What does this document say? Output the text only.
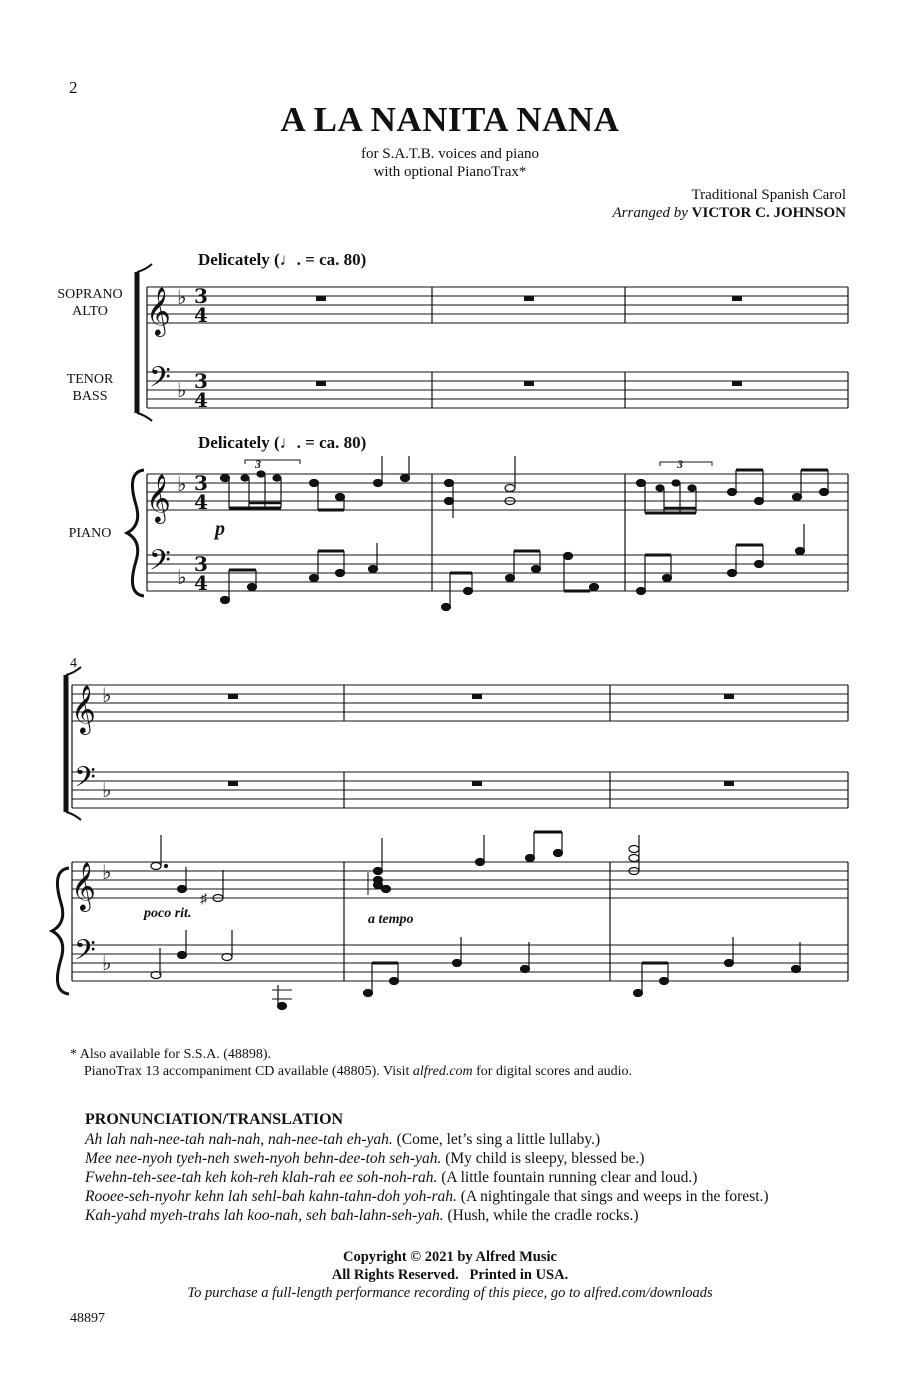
2
A LA NANITA NANA
for S.A.T.B. voices and piano
with optional PianoTrax*
Traditional Spanish Carol
Arranged by VICTOR C. JOHNSON
Delicately (♩. = ca. 80)
Delicately (♩. = ca. 80)
SOPRANO
ALTO
TENOR
BASS
PIANO
4
p
poco rit.	a tempo
3	3
𝄞
𝄢
𝄞
𝄢
𝄞
𝄢
𝄞
𝄢
♭
♭
♭
♭
♭
♭
♭
♭
3
4
3
4
3
4
3
4
♯
* Also available for S.S.A. (48898).
PianoTrax 13 accompaniment CD available (48805). Visit alfred.com for digital scores and audio.
PRONUNCIATION/TRANSLATION
Ah lah nah-nee-tah nah-nah, nah-nee-tah eh-yah. (Come, let’s sing a little lullaby.)
Mee nee-nyoh tyeh-neh sweh-nyoh behn-dee-toh seh-yah. (My child is sleepy, blessed be.)
Fwehn-teh-see-tah keh koh-reh klah-rah ee soh-noh-rah. (A little fountain running clear and loud.)
Rooee-seh-nyohr kehn lah sehl-bah kahn-tahn-doh yoh-rah. (A nightingale that sings and weeps in the forest.)
Kah-yahd myeh-trahs lah koo-nah, seh bah-lahn-seh-yah. (Hush, while the cradle rocks.)
Copyright © 2021 by Alfred Music
All Rights Reserved.   Printed in USA.
To purchase a full-length performance recording of this piece, go to alfred.com/downloads
48897
